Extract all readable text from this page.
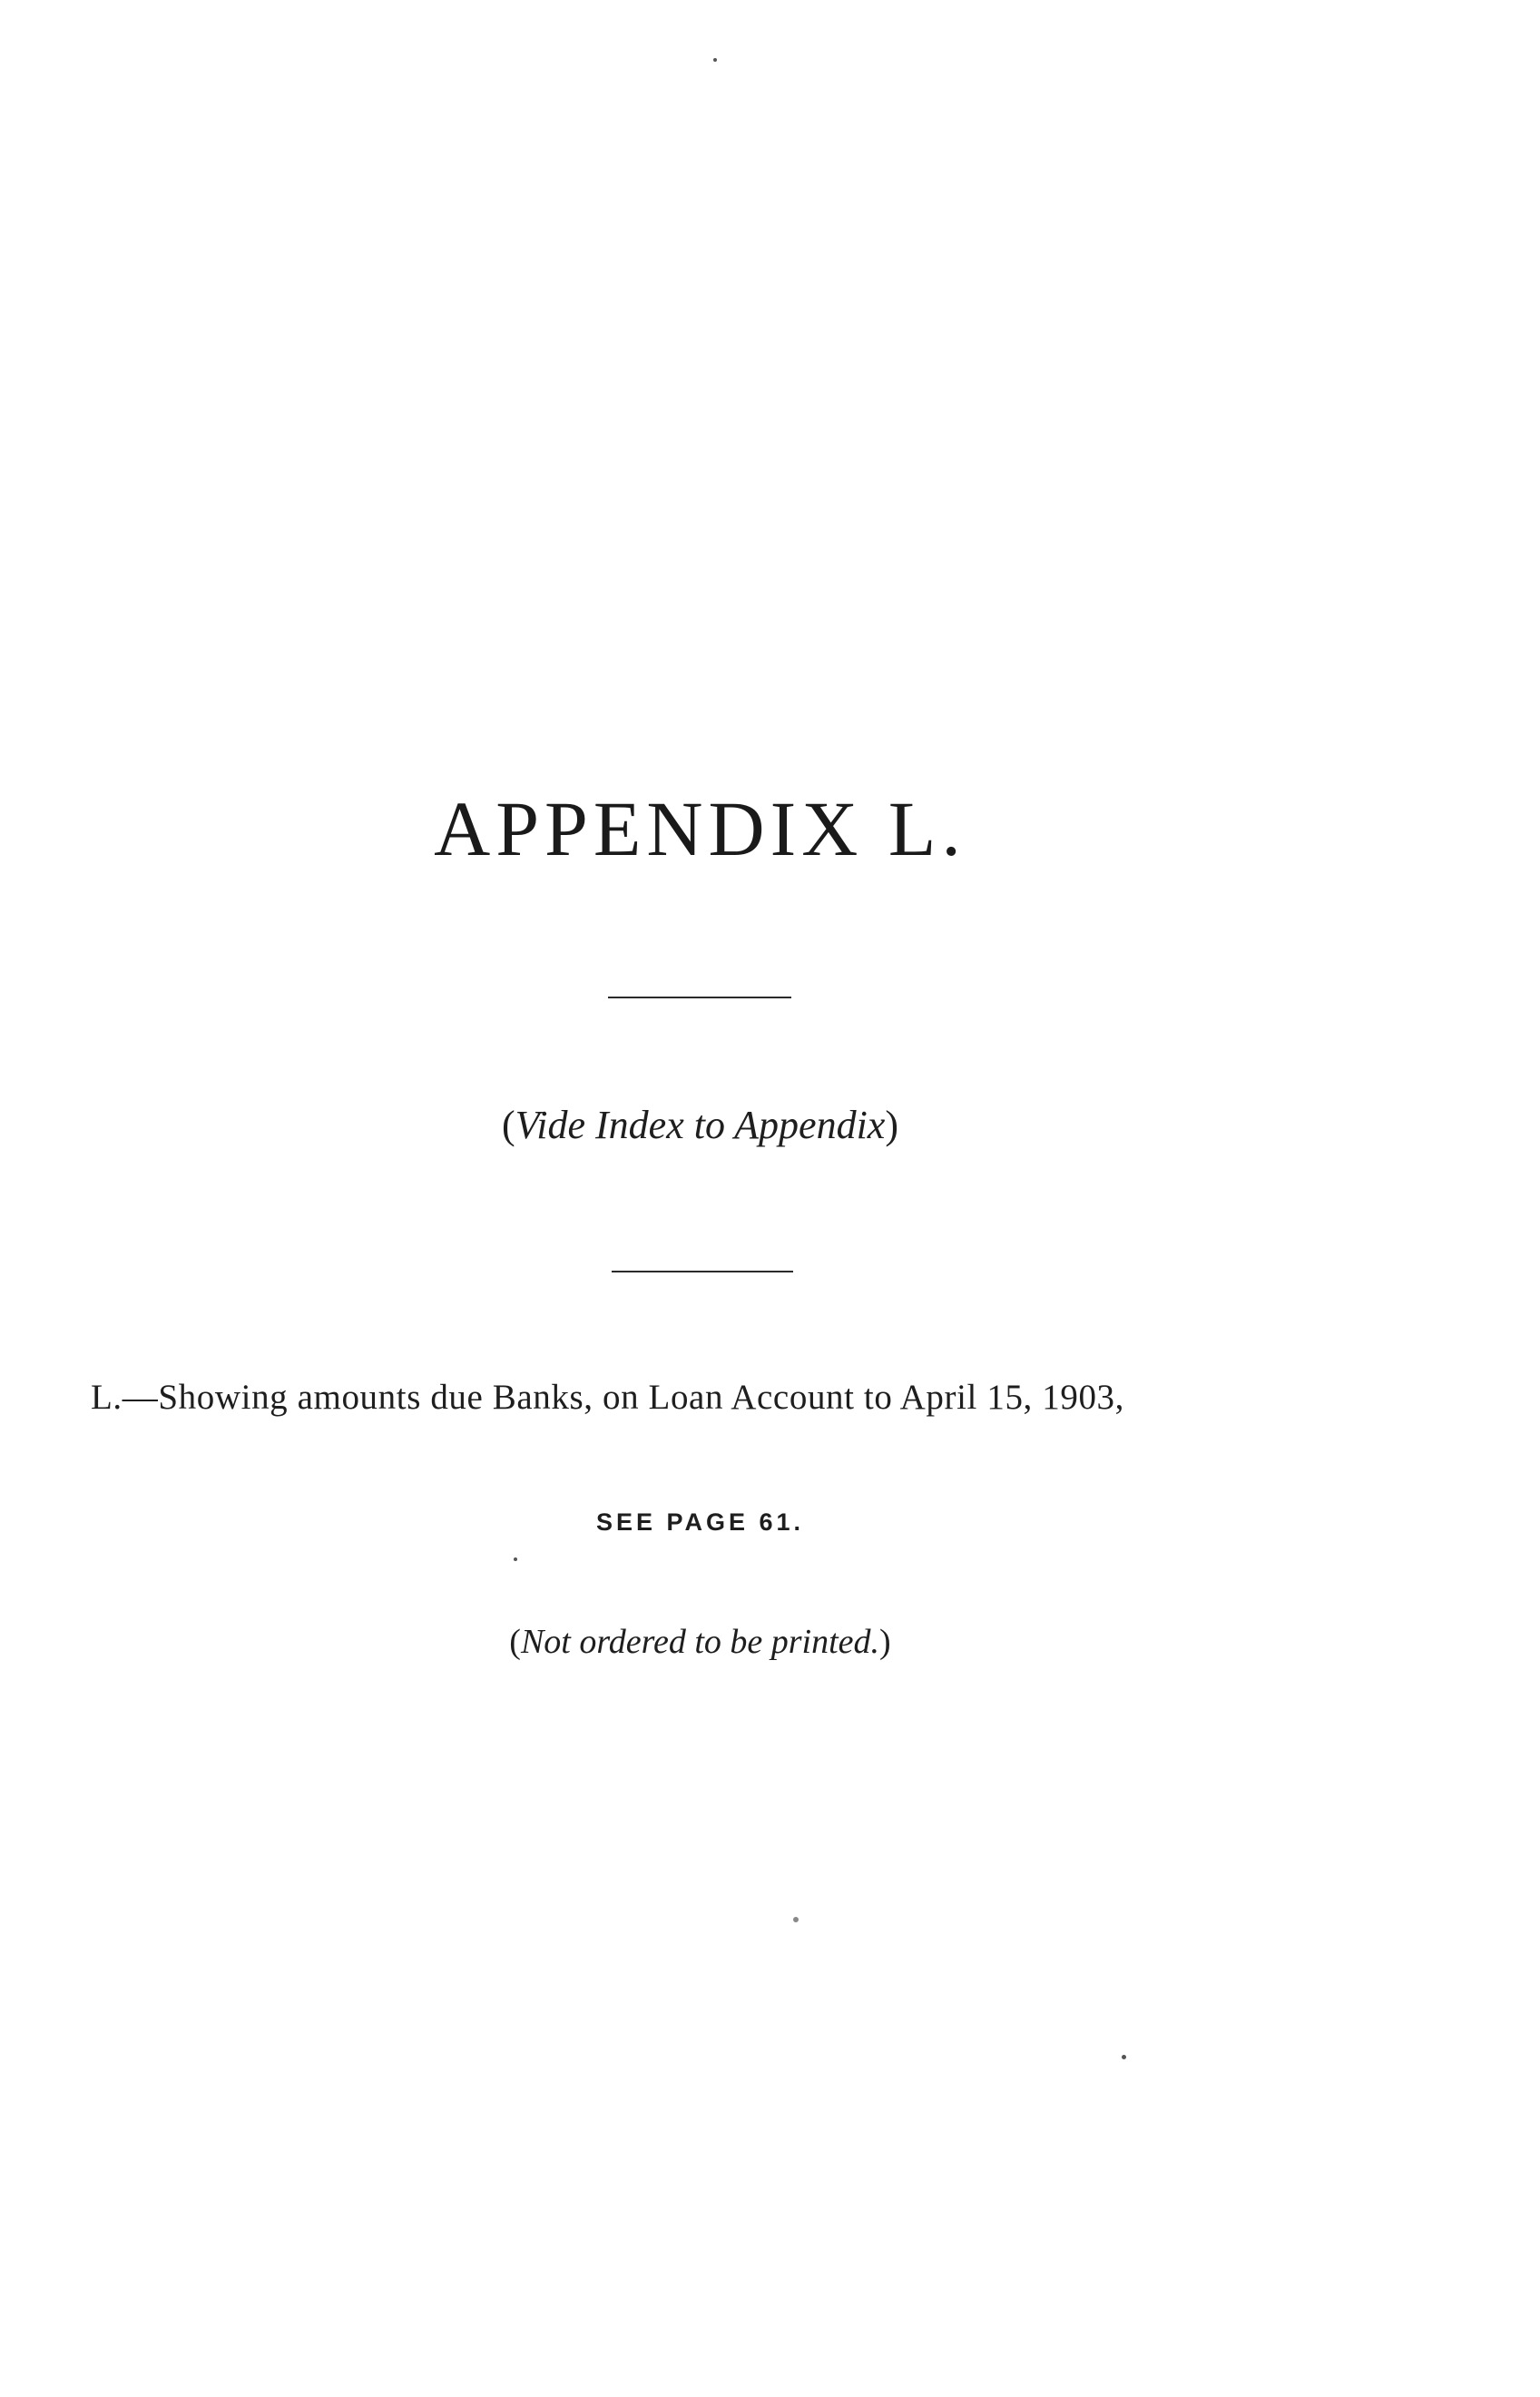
APPENDIX L.
(Vide Index to Appendix)
L.—Showing amounts due Banks, on Loan Account to April 15, 1903,
SEE PAGE 61.
(Not ordered to be printed.)
